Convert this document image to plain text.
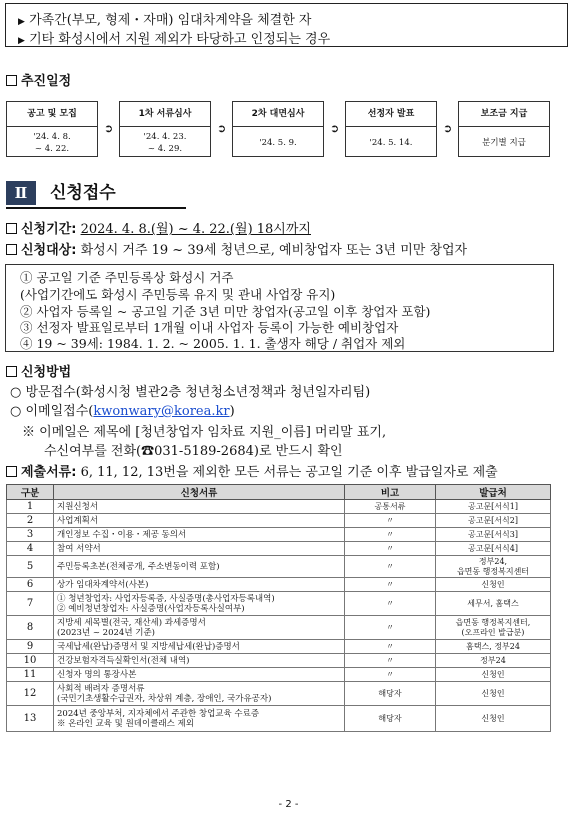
▶ 가족간(부모, 형제・자매) 임대차계약을 체결한 자
▶ 기타 화성시에서 지원 제외가 타당하고 인정되는 경우
추진일정
공고 및 모집
'24. 4. 8.
~ 4. 22.
➲
1차 서류심사
'24. 4. 23.
~ 4. 29.
➲
2차 대면심사
'24. 5. 9.
➲
선정자 발표
'24. 5. 14.
➲
보조금 지급
분기별 지급
Ⅱ	신청접수
신청기간: 2024. 4. 8.(월) ~ 4. 22.(월) 18시까지
신청대상: 화성시 거주 19 ~ 39세 청년으로, 예비창업자 또는 3년 미만 창업자
① 공고일 기준 주민등록상 화성시 거주
(사업기간에도 화성시 주민등록 유지 및 관내 사업장 유지)
② 사업자 등록일 ~ 공고일 기준 3년 미만 창업자(공고일 이후 창업자 포함)
③ 선정자 발표일로부터 1개월 이내 사업자 등록이 가능한 예비창업자
④ 19 ~ 39세: 1984. 1. 2. ~ 2005. 1. 1. 출생자 해당 / 취업자 제외
신청방법
○ 방문접수(화성시청 별관2층 청년청소년정책과 청년일자리팀)
○ 이메일접수(kwonwary@korea.kr)
※ 이메일은 제목에 [청년창업자 임차료 지원_이름] 머리말 표기,
수신여부를 전화(☎031-5189-2684)로 반드시 확인
제출서류: 6, 11, 12, 13번을 제외한 모든 서류는 공고일 기준 이후 발급일자로 제출
구분	신청서류	비고	발급처
1	지원신청서	공통서류	공고문[서식1]
2	사업계획서	〃	공고문[서식2]
3	개인정보 수집・이용・제공 동의서	〃	공고문[서식3]
4	참여 서약서	〃	공고문[서식4]
5	주민등록초본(전체공개, 주소변동이력 포함)	〃	정부24,
읍면동 행정복지센터
6	상가 임대차계약서(사본)	〃	신청인
7	① 청년창업자: 사업자등록증, 사실증명(총사업자등록내역)
② 예비청년창업자: 사실증명(사업자등록사실여부)	〃	세무서, 홈택스
8	지방세 세목별(전국, 재산세) 과세증명서
(2023년 ~ 2024년 기준)	〃	읍면동 행정복지센터,
(오프라인 발급분)
9	국세납세(완납)증명서 및 지방세납세(완납)증명서	〃	홈택스, 정부24
10	건강보험자격득실확인서(전체 내역)	〃	정부24
11	신청자 명의 통장사본	〃	신청인
12	사회적 배려자 증명서류
(국민기초생활수급권자, 차상위 계층, 장애인, 국가유공자)	해당자	신청인
13	2024년 중앙부처, 지자체에서 주관한 창업교육 수료증
※ 온라인 교육 및 원데이클래스 제외	해당자	신청인
- 2 -
